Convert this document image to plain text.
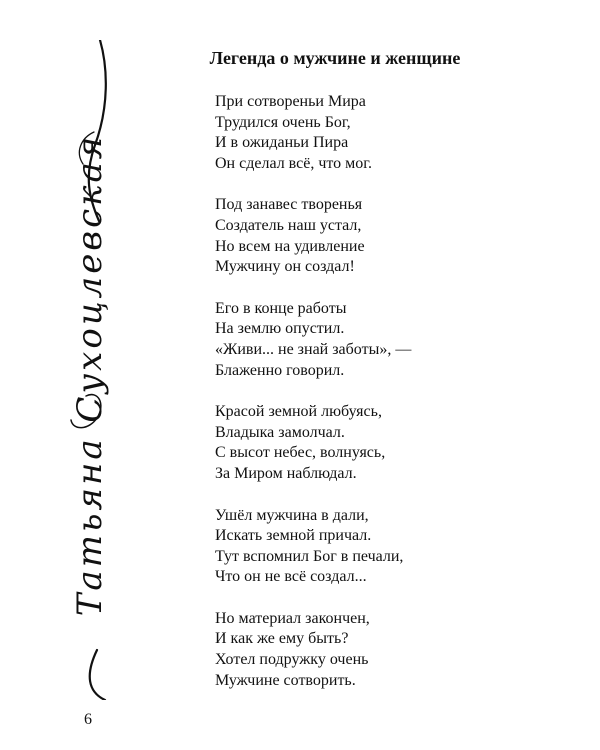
Татьяна Сухоцлевская
Легенда о мужчине и женщине
При сотвореньи Мира
Трудился очень Бог,
И в ожиданьи Пира
Он сделал всё, что мог.
Под занавес творенья
Создатель наш устал,
Но всем на удивление
Мужчину он создал!
Его в конце работы
На землю опустил.
«Живи... не знай заботы», —
Блаженно говорил.
Красой земной любуясь,
Владыка замолчал.
С высот небес, волнуясь,
За Миром наблюдал.
Ушёл мужчина в дали,
Искать земной причал.
Тут вспомнил Бог в печали,
Что он не всё создал...
Но материал закончен,
И как же ему быть?
Хотел подружку очень
Мужчине сотворить.
6
